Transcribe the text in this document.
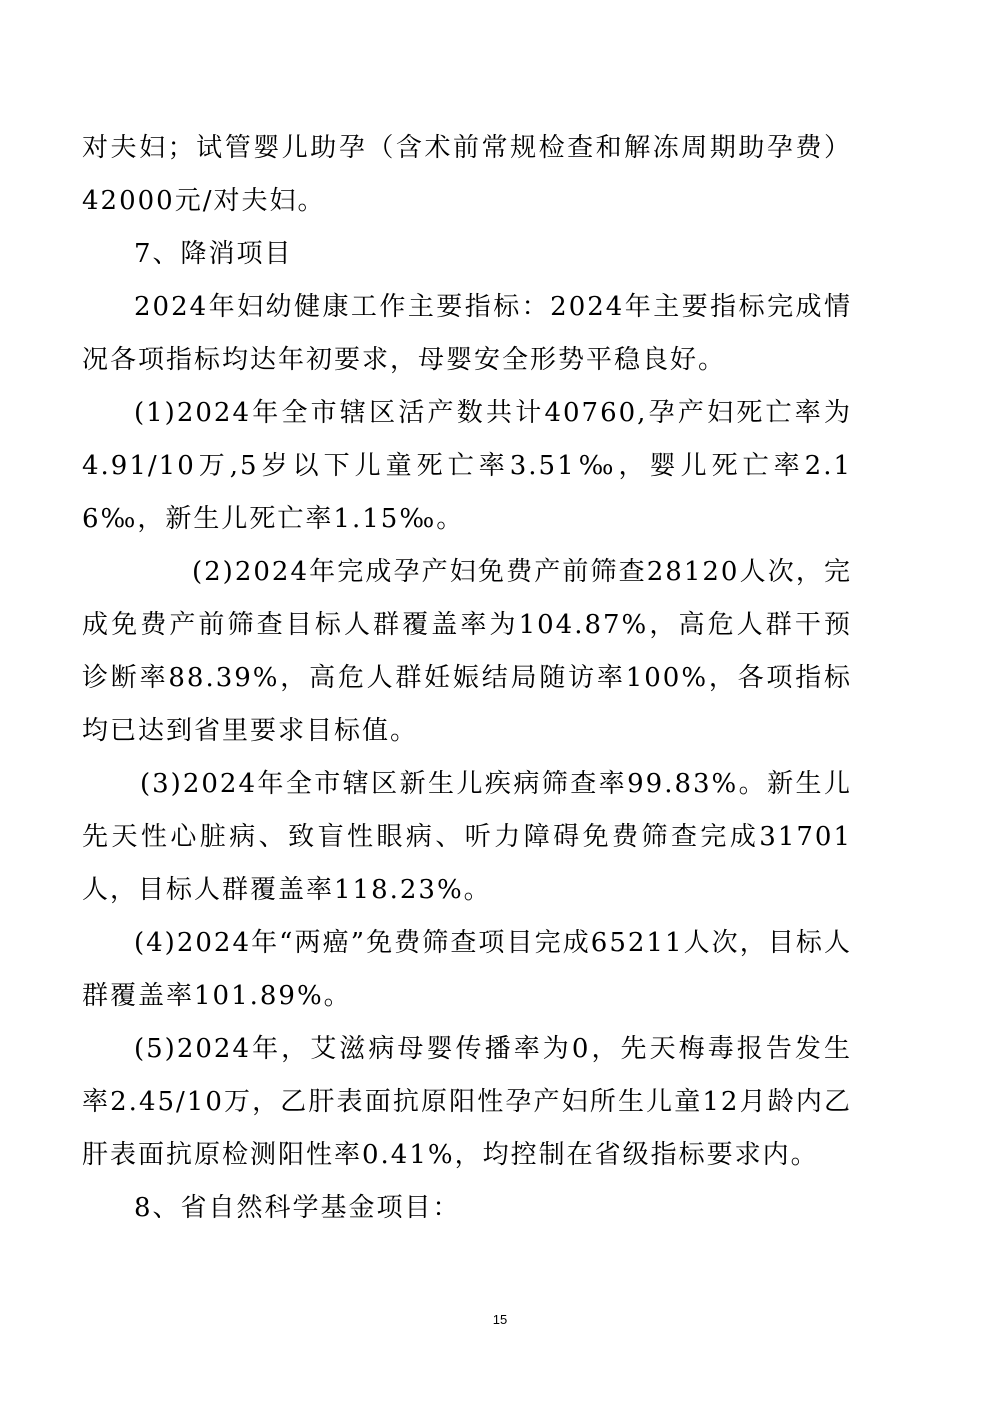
对夫妇；试管婴儿助孕（含术前常规检查和解冻周期助孕费）42000元/对夫妇。

7、降消项目

2024年妇幼健康工作主要指标：2024年主要指标完成情况各项指标均达年初要求，母婴安全形势平稳良好。

(1)2024年全市辖区活产数共计40760,孕产妇死亡率为4.91/10万,5岁以下儿童死亡率3.51‰，婴儿死亡率2.16‰，新生儿死亡率1.15‰。

(2)2024年完成孕产妇免费产前筛查28120人次，完成免费产前筛查目标人群覆盖率为104.87%，高危人群干预诊断率88.39%，高危人群妊娠结局随访率100%，各项指标均已达到省里要求目标值。

(3)2024年全市辖区新生儿疾病筛查率99.83%。新生儿先天性心脏病、致盲性眼病、听力障碍免费筛查完成31701人，目标人群覆盖率118.23%。

(4)2024年“两癌”免费筛查项目完成65211人次，目标人群覆盖率101.89%。

(5)2024年，艾滋病母婴传播率为0，先天梅毒报告发生率2.45/10万，乙肝表面抗原阳性孕产妇所生儿童12月龄内乙肝表面抗原检测阳性率0.41%，均控制在省级指标要求内。

8、省自然科学基金项目：

15
